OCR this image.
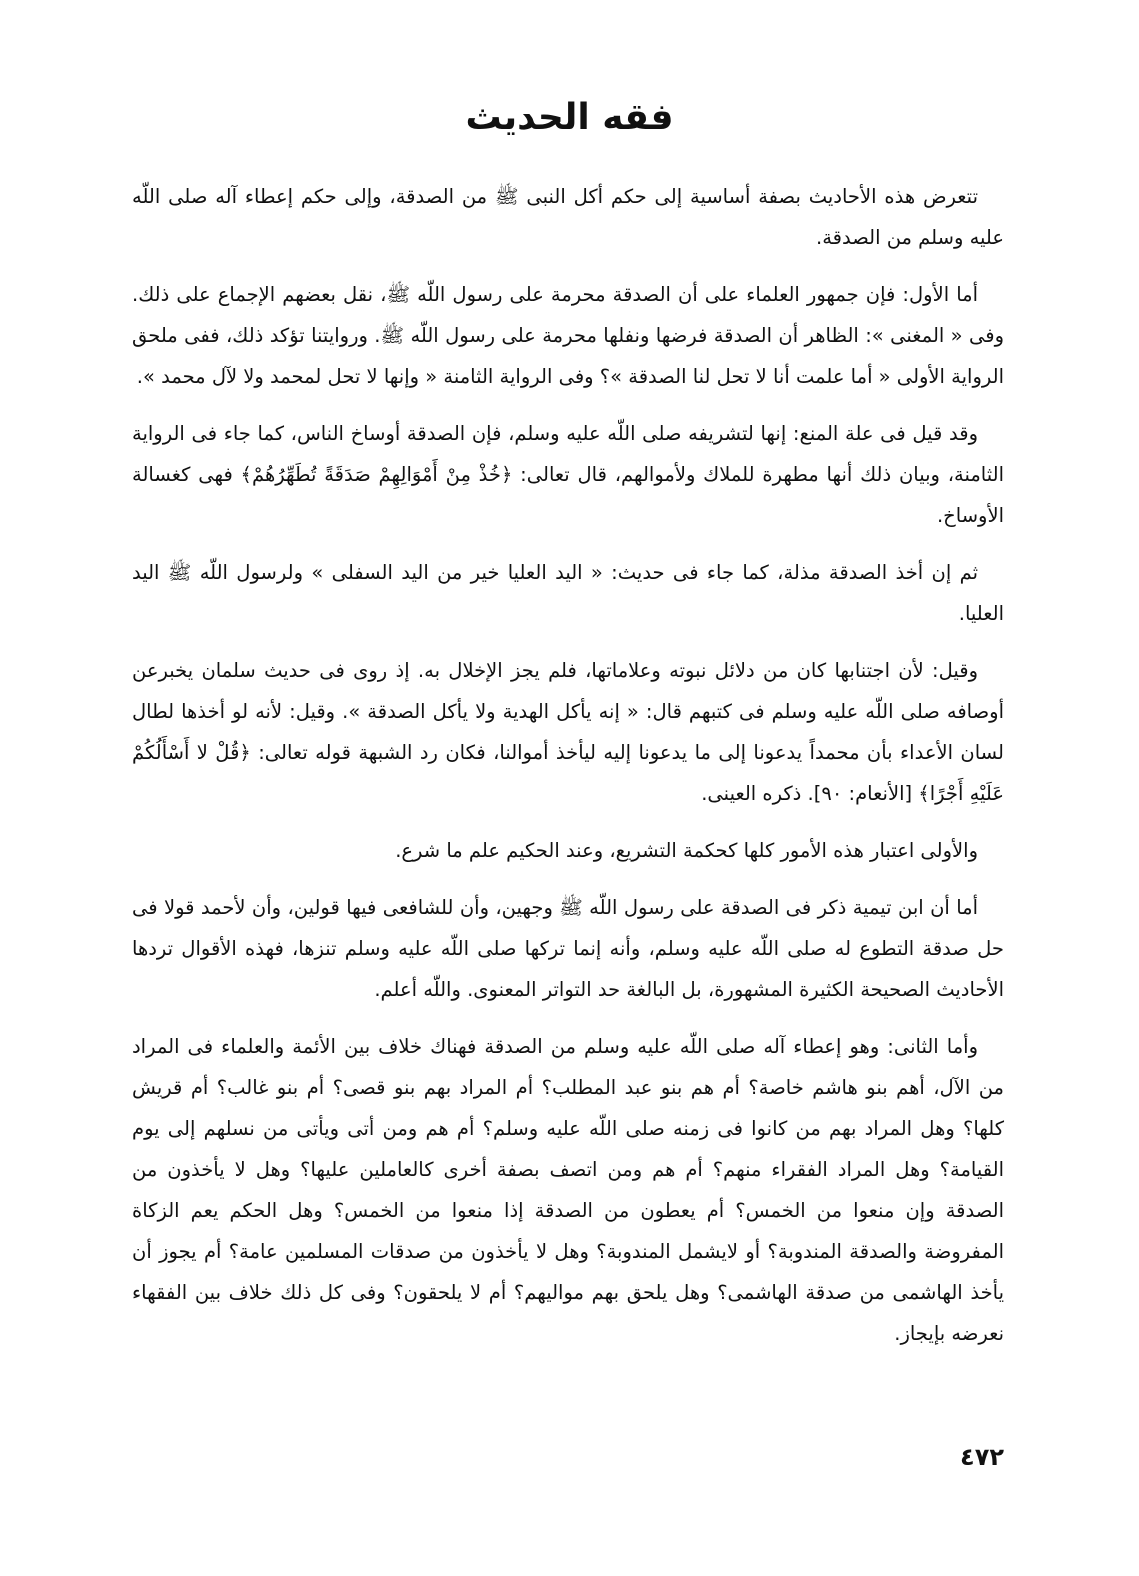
فقه الحديث

تتعرض هذه الأحاديث بصفة أساسية إلى حكم أكل النبى ﷺ من الصدقة، وإلى حكم إعطاء آله صلى اللّه عليه وسلم من الصدقة.

أما الأول: فإن جمهور العلماء على أن الصدقة محرمة على رسول اللّه ﷺ، نقل بعضهم الإجماع على ذلك. وفى « المغنى »: الظاهر أن الصدقة فرضها ونفلها محرمة على رسول اللّه ﷺ. وروايتنا تؤكد ذلك، ففى ملحق الرواية الأولى « أما علمت أنا لا تحل لنا الصدقة »؟ وفى الرواية الثامنة « وإنها لا تحل لمحمد ولا لآل محمد ».

وقد قيل فى علة المنع: إنها لتشريفه صلى اللّه عليه وسلم، فإن الصدقة أوساخ الناس، كما جاء فى الرواية الثامنة، وبيان ذلك أنها مطهرة للملاك ولأموالهم، قال تعالى: ﴿خُذْ مِنْ أَمْوَالِهِمْ صَدَقَةً تُطَهِّرُهُمْ﴾ فهى كغسالة الأوساخ.

ثم إن أخذ الصدقة مذلة، كما جاء فى حديث: « اليد العليا خير من اليد السفلى » ولرسول اللّه ﷺ اليد العليا.

وقيل: لأن اجتنابها كان من دلائل نبوته وعلاماتها، فلم يجز الإخلال به. إذ روى فى حديث سلمان يخبرعن أوصافه صلى اللّه عليه وسلم فى كتبهم قال: « إنه يأكل الهدية ولا يأكل الصدقة ». وقيل: لأنه لو أخذها لطال لسان الأعداء بأن محمداً يدعونا إلى ما يدعونا إليه ليأخذ أموالنا، فكان رد الشبهة قوله تعالى: ﴿قُلْ لا أَسْأَلُكُمْ عَلَيْهِ أَجْرًا﴾ [الأنعام: ٩٠]. ذكره العينى.

والأولى اعتبار هذه الأمور كلها كحكمة التشريع، وعند الحكيم علم ما شرع.

أما أن ابن تيمية ذكر فى الصدقة على رسول اللّه ﷺ وجهين، وأن للشافعى فيها قولين، وأن لأحمد قولا فى حل صدقة التطوع له صلى اللّه عليه وسلم، وأنه إنما تركها صلى اللّه عليه وسلم تنزها، فهذه الأقوال تردها الأحاديث الصحيحة الكثيرة المشهورة، بل البالغة حد التواتر المعنوى. واللّه أعلم.

وأما الثانى: وهو إعطاء آله صلى اللّه عليه وسلم من الصدقة فهناك خلاف بين الأئمة والعلماء فى المراد من الآل، أهم بنو هاشم خاصة؟ أم هم بنو عبد المطلب؟ أم المراد بهم بنو قصى؟ أم بنو غالب؟ أم قريش كلها؟ وهل المراد بهم من كانوا فى زمنه صلى اللّه عليه وسلم؟ أم هم ومن أتى ويأتى من نسلهم إلى يوم القيامة؟ وهل المراد الفقراء منهم؟ أم هم ومن اتصف بصفة أخرى كالعاملين عليها؟ وهل لا يأخذون من الصدقة وإن منعوا من الخمس؟ أم يعطون من الصدقة إذا منعوا من الخمس؟ وهل الحكم يعم الزكاة المفروضة والصدقة المندوبة؟ أو لايشمل المندوبة؟ وهل لا يأخذون من صدقات المسلمين عامة؟ أم يجوز أن يأخذ الهاشمى من صدقة الهاشمى؟ وهل يلحق بهم مواليهم؟ أم لا يلحقون؟ وفى كل ذلك خلاف بين الفقهاء نعرضه بإيجاز.

٤٧٢
